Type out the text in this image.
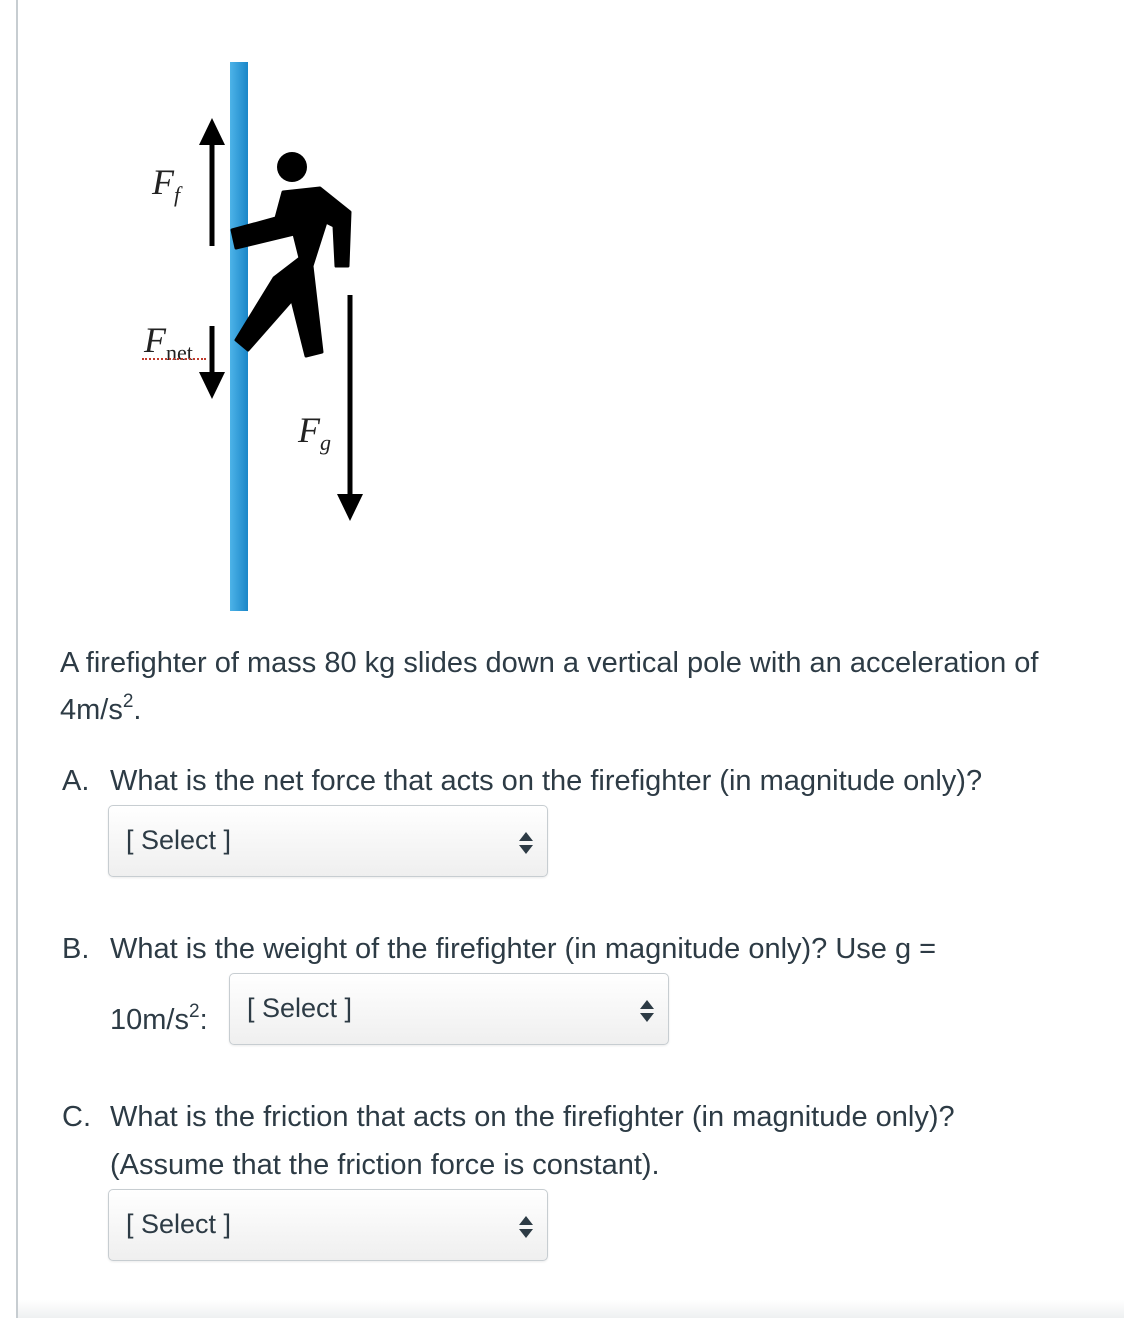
$F_f$
$F_{net}$
$F_g$
A firefighter of mass 80 kg slides down a vertical pole with an acceleration of $4m/s^2$.
A. What is the net force that acts on the firefighter (in magnitude only)?
[ Select ]
B. What is the weight of the firefighter (in magnitude only)? Use g =
$10m/s^2$: [ Select ]
C. What is the friction that acts on the firefighter (in magnitude only)?
(Assume that the friction force is constant).
[ Select ]
